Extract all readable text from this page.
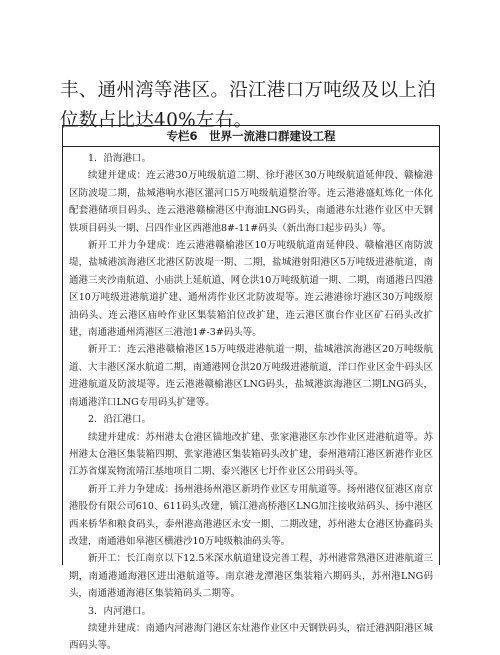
丰、通州湾等港区。沿江港口万吨级及以上泊位数占比达40%左右。

专栏6　世界一流港口群建设工程

1．沿海港口。

续建并建成：连云港30万吨级航道二期、徐圩港区30万吨级航道延伸段、赣榆港区防波堤二期，盐城港响水港区灌河口5万吨级航道整治等。连云港港盛虹炼化一体化配套港储项目码头、连云港港赣榆港区中海油LNG码头，南通港东灶港作业区中天钢铁项目码头一期、吕四作业区西港池8#-11#码头（新出海口起步码头）等。

新开工并力争建成：连云港港赣榆港区10万吨级航道南延伸段、赣榆港区南防波堤，盐城港滨海港区北港区防波堤一期、二期，盐城港射阳港区5万吨级进港航道，南通港三夹沙南航道、小庙洪上延航道、网仓洪10万吨级航道一期、二期，南通港吕四港区10万吨级进港航道扩建、通州湾作业区北防波堤等。连云港港徐圩港区30万吨级原油码头、连云港区庙岭作业区集装箱泊位改扩建，连云港区旗台作业区矿石码头改扩建，南通港通州湾港区三港池1#-3#码头等。

新开工：连云港港赣榆港区15万吨级进港航道一期，盐城港滨海港区20万吨级航道、大丰港区深水航道二期，南通港网仓洪20万吨级进港航道，洋口作业区金牛码头区进港航道及防波堤等。连云港港赣榆港区LNG码头，盐城港滨海港区二期LNG码头，南通港洋口LNG专用码头扩建等。

2．沿江港口。

续建并建成：苏州港太仓港区锚地改扩建、张家港港区东沙作业区进港航道等。苏州港太仓港区集装箱四期、张家港港区集装箱码头改扩建，泰州港靖江港区新港作业区江苏省煤炭物流靖江基地项目二期、泰兴港区七圩作业区公用码头等。

新开工并力争建成：扬州港扬州港区新坍作业区专用航道等。扬州港仪征港区南京港股份有限公司610、611码头改建，镇江港高桥港区LNG加注接收站码头、扬中港区西来桥华和粮食码头，泰州港高港港区永安一期、二期改建，苏州港太仓港区协鑫码头改建，南通港如皋港区横港沙10万吨级粮油码头等。

新开工：长江南京以下12.5米深水航道建设完善工程，苏州港常熟港区进港航道三期，南通港通海港区进出港航道等。南京港龙潭港区集装箱六期码头，苏州港LNG码头，南通港通海港区集装箱码头二期等。

3．内河港口。

续建并建成：南通内河港海门港区东灶港作业区中天钢铁码头，宿迁港泗阳港区城西码头等。
